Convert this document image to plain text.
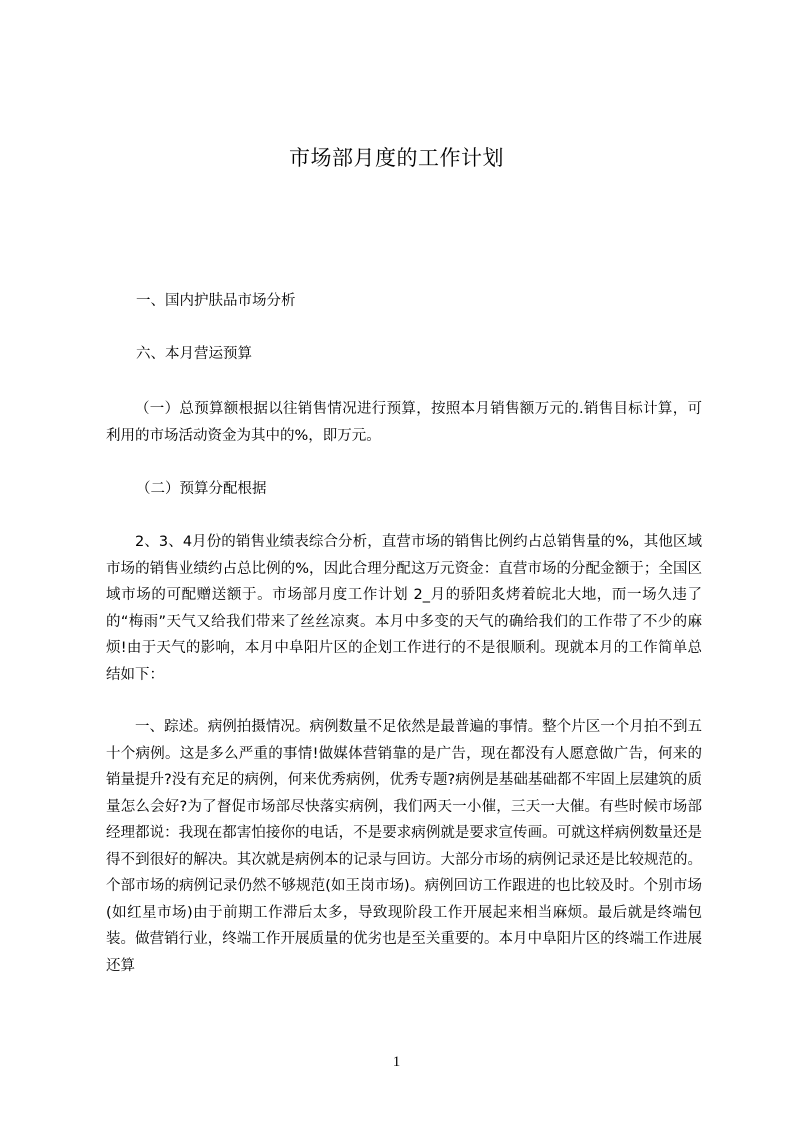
市场部月度的工作计划
一、国内护肤品市场分析
六、本月营运预算

（一）总预算额根据以往销售情况进行预算，按照本月销售额万元的.销售目标计算，可利用的市场活动资金为其中的%，即万元。

（二）预算分配根据

2、3、4月份的销售业绩表综合分析，直营市场的销售比例约占总销售量的%，其他区域市场的销售业绩约占总比例的%，因此合理分配这万元资金：直营市场的分配金额于；全国区域市场的可配赠送额于。市场部月度工作计划 2_月的骄阳炙烤着皖北大地，而一场久违了的“梅雨”天气又给我们带来了丝丝凉爽。本月中多变的天气的确给我们的工作带了不少的麻烦!由于天气的影响，本月中阜阳片区的企划工作进行的不是很顺利。现就本月的工作简单总结如下：

一、踪述。病例拍摄情况。病例数量不足依然是最普遍的事情。整个片区一个月拍不到五十个病例。这是多么严重的事情!做媒体营销靠的是广告，现在都没有人愿意做广告，何来的销量提升?没有充足的病例，何来优秀病例，优秀专题?病例是基础基础都不牢固上层建筑的质量怎么会好?为了督促市场部尽快落实病例，我们两天一小催，三天一大催。有些时候市场部经理都说：我现在都害怕接你的电话，不是要求病例就是要求宣传画。可就这样病例数量还是得不到很好的解决。其次就是病例本的记录与回访。大部分市场的病例记录还是比较规范的。个部市场的病例记录仍然不够规范(如王岗市场)。病例回访工作跟进的也比较及时。个别市场(如红星市场)由于前期工作滞后太多，导致现阶段工作开展起来相当麻烦。最后就是终端包装。做营销行业，终端工作开展质量的优劣也是至关重要的。本月中阜阳片区的终端工作进展还算

1
